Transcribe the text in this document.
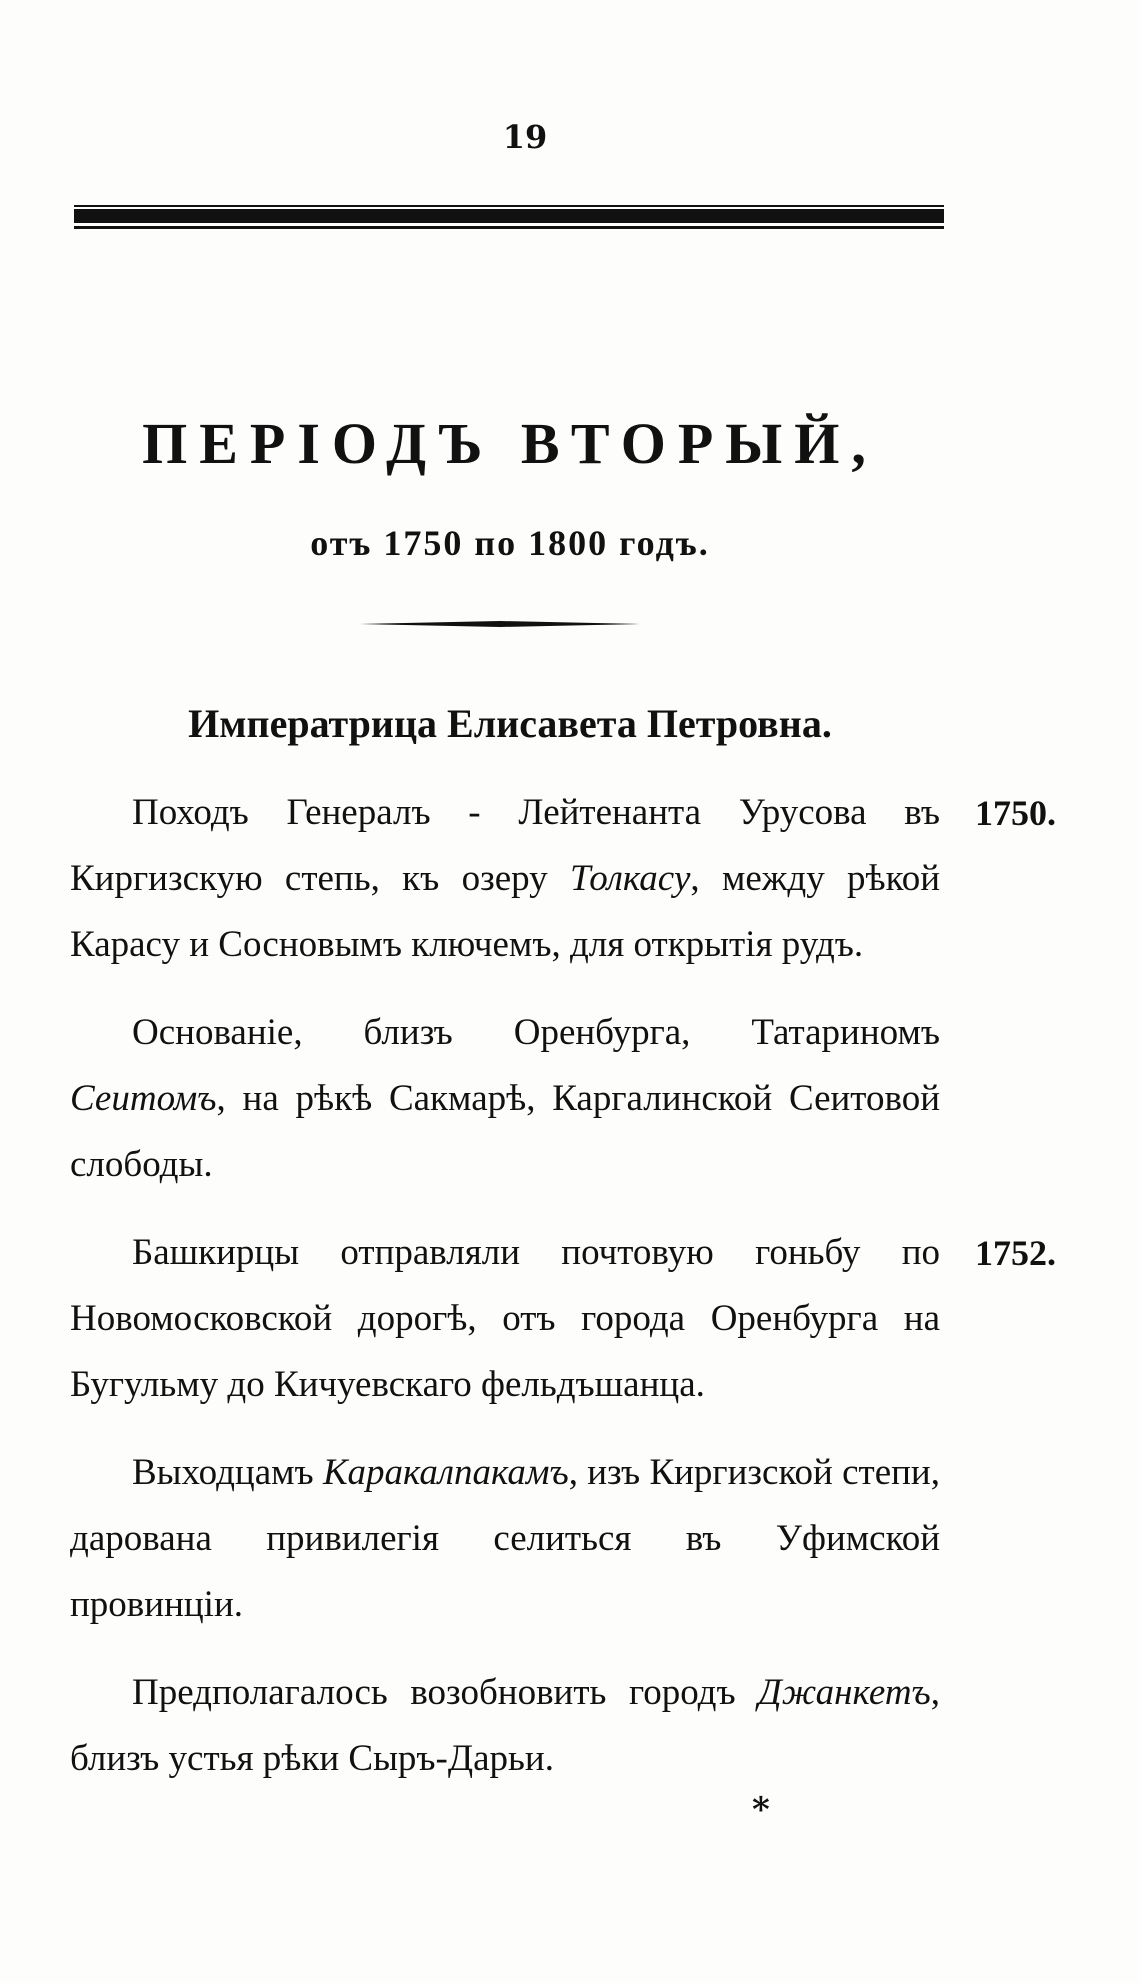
19
ПЕРIОДЪ ВТОРЫЙ,
отъ 1750 по 1800 годъ.
Императрица Елисавета Петровна.

Походъ Генералъ - Лейтенанта Урусова въ Киргизскую степь, къ озеру Толкасу, между рѣкой Карасу и Сосновымъ ключемъ, для открытія рудъ.

1750.

Основаніе, близъ Оренбурга, Татариномъ Сеитомъ, на рѣкѣ Сакмарѣ, Каргалинской Сеитовой слободы.

Башкирцы отправляли почтовую гоньбу по Новомосковской дорогѣ, отъ города Оренбурга на Бугульму до Кичуевскаго фельдъшанца.

1752.

Выходцамъ Каракалпакамъ, изъ Киргизской степи, дарована привилегія селиться въ Уфимской провинціи.

Предполагалось возобновить городъ Джанкетъ, близъ устья рѣки Сыръ-Дарьи.

*
